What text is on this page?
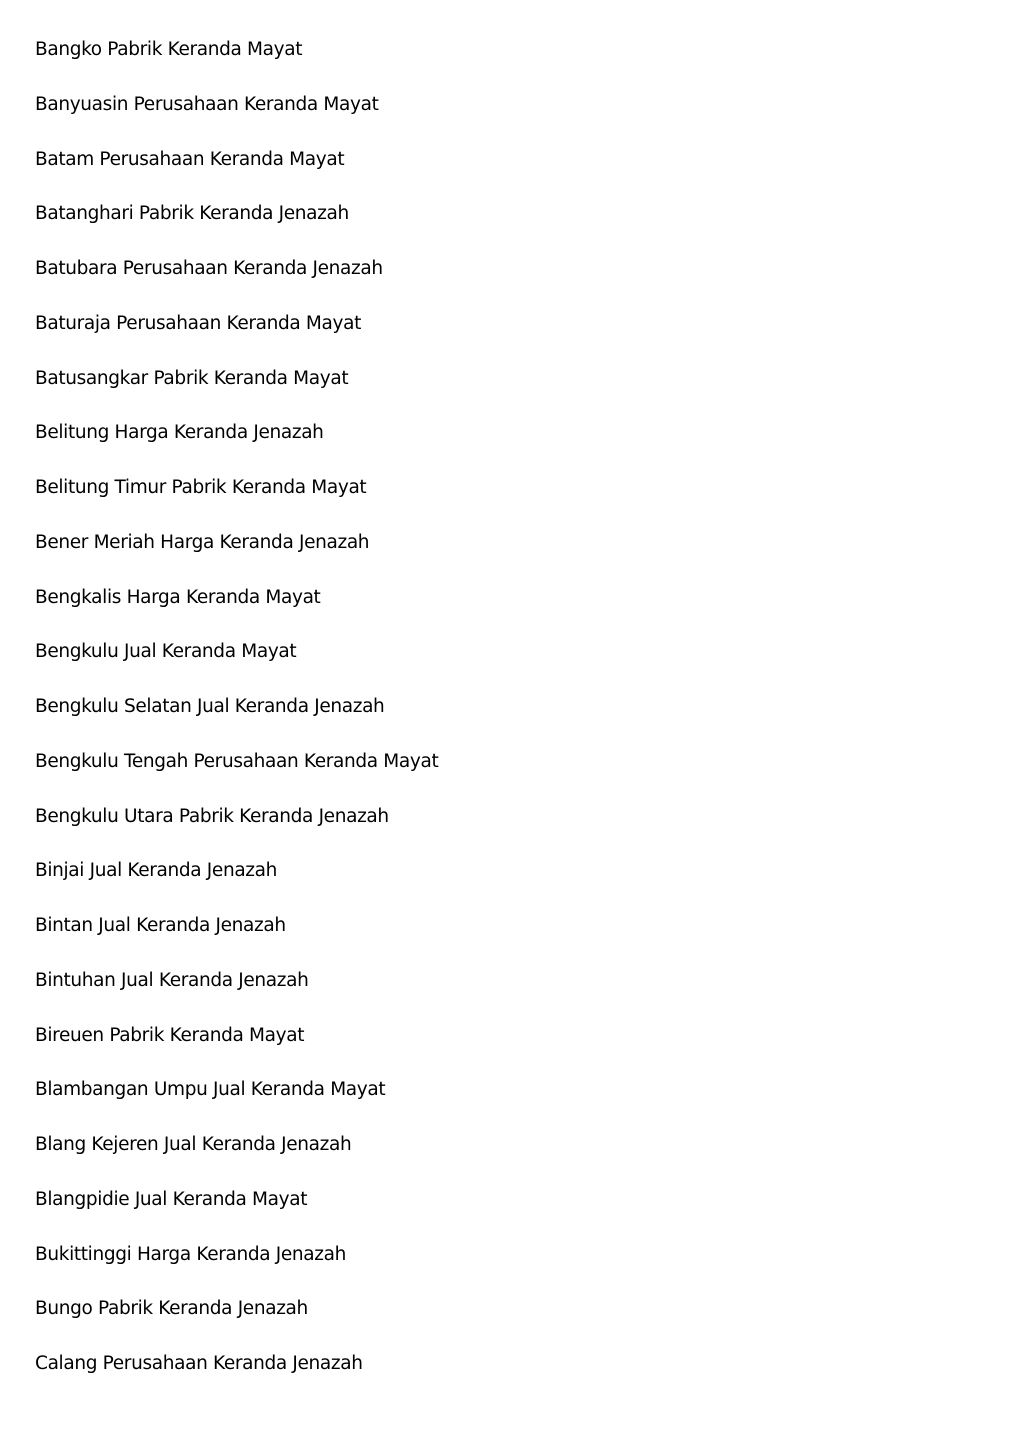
Bangko Pabrik Keranda Mayat
Banyuasin Perusahaan Keranda Mayat
Batam Perusahaan Keranda Mayat
Batanghari Pabrik Keranda Jenazah
Batubara Perusahaan Keranda Jenazah
Baturaja Perusahaan Keranda Mayat
Batusangkar Pabrik Keranda Mayat
Belitung Harga Keranda Jenazah
Belitung Timur Pabrik Keranda Mayat
Bener Meriah Harga Keranda Jenazah
Bengkalis Harga Keranda Mayat
Bengkulu Jual Keranda Mayat
Bengkulu Selatan Jual Keranda Jenazah
Bengkulu Tengah Perusahaan Keranda Mayat
Bengkulu Utara Pabrik Keranda Jenazah
Binjai Jual Keranda Jenazah
Bintan Jual Keranda Jenazah
Bintuhan Jual Keranda Jenazah
Bireuen Pabrik Keranda Mayat
Blambangan Umpu Jual Keranda Mayat
Blang Kejeren Jual Keranda Jenazah
Blangpidie Jual Keranda Mayat
Bukittinggi Harga Keranda Jenazah
Bungo Pabrik Keranda Jenazah
Calang Perusahaan Keranda Jenazah
